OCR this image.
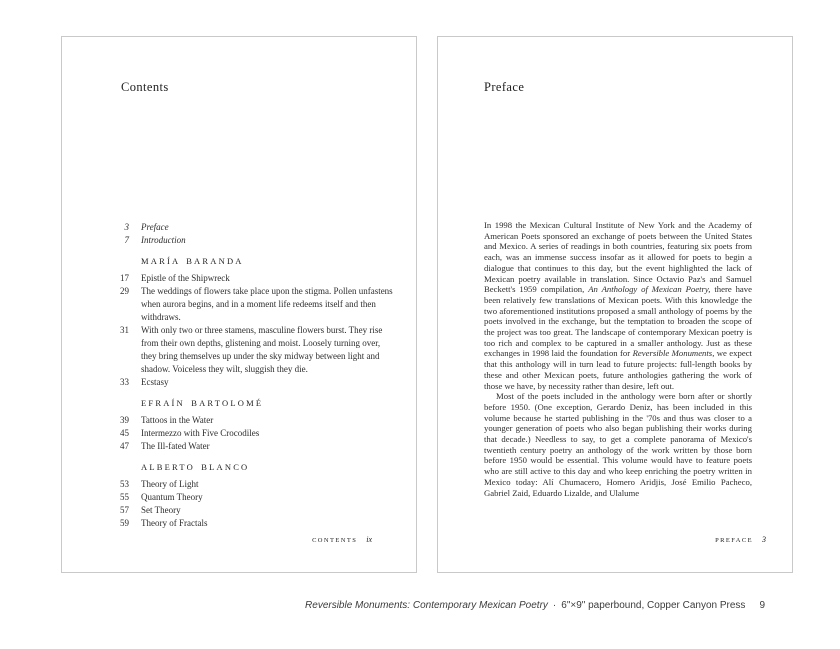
Contents
3 Preface
7 Introduction
MARÍA BARANDA
17 Epistle of the Shipwreck
29 The weddings of flowers take place upon the stigma. Pollen unfastens when aurora begins, and in a moment life redeems itself and then withdraws.
31 With only two or three stamens, masculine flowers burst. They rise from their own depths, glistening and moist. Loosely turning over, they bring themselves up under the sky midway between light and shadow. Voiceless they wilt, sluggish they die.
33 Ecstasy
EFRAÍN BARTOLOMÉ
39 Tattoos in the Water
45 Intermezzo with Five Crocodiles
47 The Ill-fated Water
ALBERTO BLANCO
53 Theory of Light
55 Quantum Theory
57 Set Theory
59 Theory of Fractals
CONTENTS ix
Preface

In 1998 the Mexican Cultural Institute of New York and the Academy of American Poets sponsored an exchange of poets between the United States and Mexico. A series of readings in both countries, featuring six poets from each, was an immense success insofar as it allowed for poets to begin a dialogue that continues to this day, but the event highlighted the lack of Mexican poetry available in translation. Since Octavio Paz's and Samuel Beckett's 1959 compilation, An Anthology of Mexican Poetry, there have been relatively few translations of Mexican poets. With this knowledge the two aforementioned institutions proposed a small anthology of poems by the poets involved in the exchange, but the temptation to broaden the scope of the project was too great. The landscape of contemporary Mexican poetry is too rich and complex to be captured in a smaller anthology. Just as these exchanges in 1998 laid the foundation for Reversible Monuments, we expect that this anthology will in turn lead to future projects: full-length books by these and other Mexican poets, future anthologies gathering the work of those we have, by necessity rather than desire, left out.

Most of the poets included in the anthology were born after or shortly before 1950. (One exception, Gerardo Deniz, has been included in this volume because he started publishing in the '70s and thus was closer to a younger generation of poets who also began publishing their works during that decade.) Needless to say, to get a complete panorama of Mexico's twentieth century poetry an anthology of the work written by those born before 1950 would be essential. This volume would have to feature poets who are still active to this day and who keep enriching the poetry written in Mexico today: Alí Chumacero, Homero Aridjis, José Emilio Pacheco, Gabriel Zaid, Eduardo Lizalde, and Ulalume

PREFACE 3
Reversible Monuments: Contemporary Mexican Poetry · 6"×9" paperbound, Copper Canyon Press 9
